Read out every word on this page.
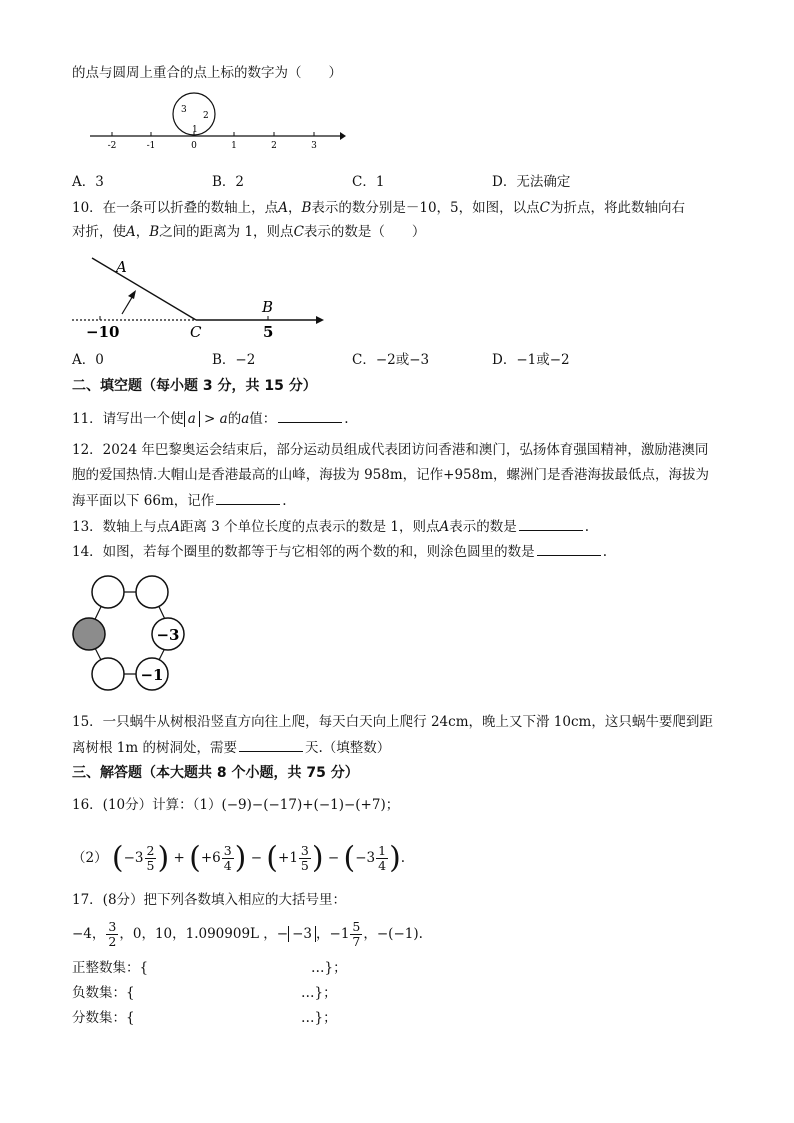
的点与圆周上重合的点上标的数字为（　　）
-2	-1	0	1	2	3
3
2
1
A．3	B．2	C．1	D．无法确定
10．在一条可以折叠的数轴上，点A，B表示的数分别是－10，5，如图，以点C为折点，将此数轴向右
对折，使A，B之间的距离为 1，则点C表示的数是（　　）
A
B
C
−10	5
A．0	B．−2	C．−2或−3	D．−1或−2
二、填空题（每小题 3 分，共 15 分）
11．请写出一个使 a > a的a值：	.
12．2024 年巴黎奥运会结束后，部分运动员组成代表团访问香港和澳门，弘扬体育强国精神，激励港澳同
胞的爱国热情.大帽山是香港最高的山峰，海拔为 958m，记作+958m，螺洲门是香港海拔最低点，海拔为
海平面以下 66m，记作	.
13．数轴上与点A距离 3 个单位长度的点表示的数是 1，则点A表示的数是	.
14．如图，若每个圈里的数都等于与它相邻的两个数的和，则涂色圆里的数是	.
−3
−1
15．一只蜗牛从树根沿竖直方向往上爬，每天白天向上爬行 24cm，晚上又下滑 10cm，这只蜗牛要爬到距
离树根 1m 的树洞处，需要	天.（填整数）
三、解答题（本大题共 8 个小题，共 75 分）
16．(10分）计算：（1）(−9)−(−17)+(−1)−(+7)；
（2） ($-3 \frac{2}{5}$ ) + ($+6 \frac{3}{4}$ ) − ($+1 \frac{3}{5}$ ) − ($-3 \frac{1}{4}$ ).
17．(8分）把下列各数填入相应的大括号里：
−4， $\frac{3}{2}$ ，0，10，1.090909L ，− −3 ，$-1 \frac{5}{7}$ ，−(−1).
正整数集：{	…}；
负数集：{	…}；
分数集：{	…}；
